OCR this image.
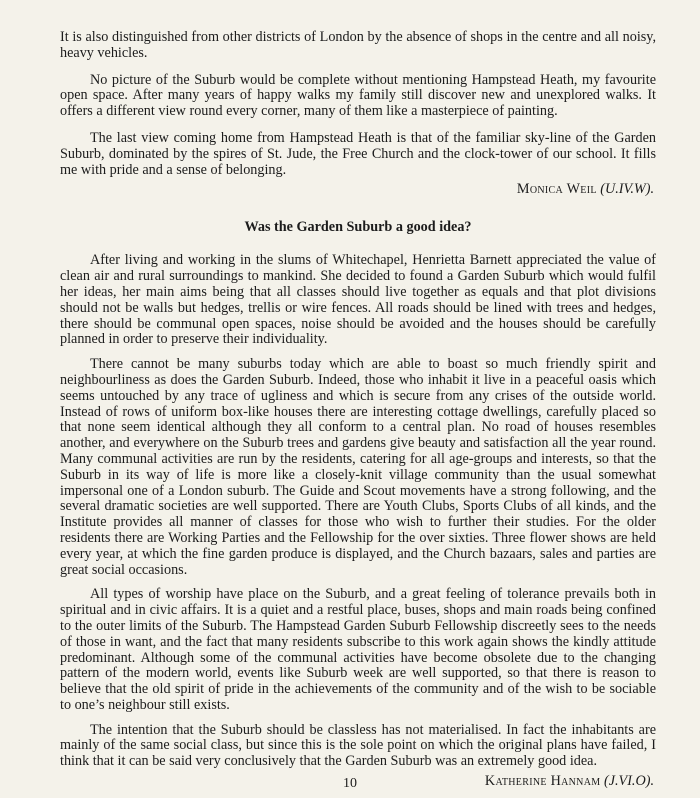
It is also distinguished from other districts of London by the absence of shops in the centre and all noisy, heavy vehicles.

No picture of the Suburb would be complete without mentioning Hampstead Heath, my favourite open space. After many years of happy walks my family still discover new and unexplored walks. It offers a different view round every corner, many of them like a masterpiece of painting.

The last view coming home from Hampstead Heath is that of the familiar sky-line of the Garden Suburb, dominated by the spires of St. Jude, the Free Church and the clock-tower of our school. It fills me with pride and a sense of belonging.

Monica Weil (U.IV.W).
Was the Garden Suburb a good idea?

After living and working in the slums of Whitechapel, Henrietta Barnett appreciated the value of clean air and rural surroundings to mankind. She decided to found a Garden Suburb which would fulfil her ideas, her main aims being that all classes should live together as equals and that plot divisions should not be walls but hedges, trellis or wire fences. All roads should be lined with trees and hedges, there should be communal open spaces, noise should be avoided and the houses should be carefully planned in order to preserve their individuality.

There cannot be many suburbs today which are able to boast so much friendly spirit and neighbourliness as does the Garden Suburb. Indeed, those who inhabit it live in a peaceful oasis which seems untouched by any trace of ugliness and which is secure from any crises of the outside world. Instead of rows of uniform box-like houses there are interesting cottage dwellings, carefully placed so that none seem identical although they all conform to a central plan. No road of houses resembles another, and everywhere on the Suburb trees and gardens give beauty and satisfaction all the year round. Many communal activities are run by the residents, catering for all age-groups and interests, so that the Suburb in its way of life is more like a closely-knit village community than the usual somewhat impersonal one of a London suburb. The Guide and Scout movements have a strong following, and the several dramatic societies are well supported. There are Youth Clubs, Sports Clubs of all kinds, and the Institute provides all manner of classes for those who wish to further their studies. For the older residents there are Working Parties and the Fellowship for the over sixties. Three flower shows are held every year, at which the fine garden produce is displayed, and the Church bazaars, sales and parties are great social occasions.

All types of worship have place on the Suburb, and a great feeling of tolerance prevails both in spiritual and in civic affairs. It is a quiet and a restful place, buses, shops and main roads being confined to the outer limits of the Suburb. The Hampstead Garden Suburb Fellowship discreetly sees to the needs of those in want, and the fact that many residents subscribe to this work again shows the kindly attitude predominant. Although some of the communal activities have become obsolete due to the changing pattern of the modern world, events like Suburb week are well supported, so that there is reason to believe that the old spirit of pride in the achievements of the community and of the wish to be sociable to one’s neighbour still exists.

The intention that the Suburb should be classless has not materialised. In fact the inhabitants are mainly of the same social class, but since this is the sole point on which the original plans have failed, I think that it can be said very conclusively that the Garden Suburb was an extremely good idea.

Katherine Hannam (J.VI.O).
10
